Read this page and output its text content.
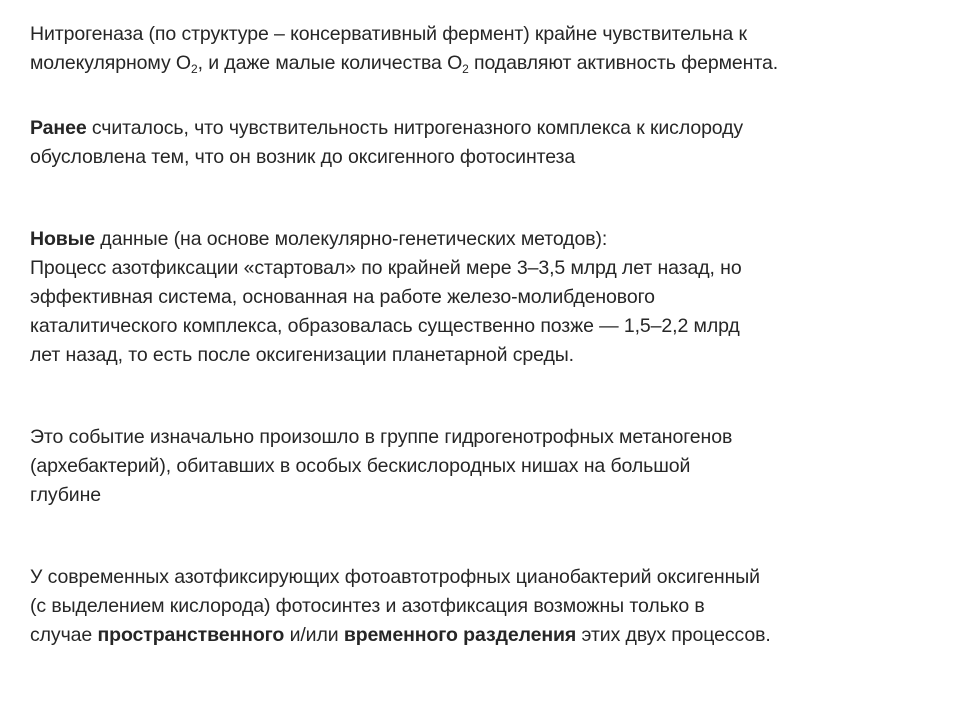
Нитрогеназа (по структуре – консервативный фермент) крайне чувствительна к
молекулярному $О_2$, и даже малые количества $О_2$ подавляют активность фермента.
Ранее считалось, что чувствительность нитрогеназного комплекса к кислороду
обусловлена тем, что он возник до оксигенного фотосинтеза
Новые данные (на основе молекулярно-генетических методов):
Процесс азотфиксации «стартовал» по крайней мере 3–3,5 млрд лет назад, но
эффективная система, основанная на работе железо-молибденового
каталитического комплекса, образовалась существенно позже — 1,5–2,2 млрд
лет назад, то есть после оксигенизации планетарной среды.
Это событие изначально произошло в группе гидрогенотрофных метаногенов
(архебактерий), обитавших в особых бескислородных нишах на большой
глубине
У современных азотфиксирующих фотоавтотрофных цианобактерий оксигенный
(с выделением кислорода) фотосинтез и азотфиксация возможны только в
случае пространственного и/или временного разделения этих двух процессов.
